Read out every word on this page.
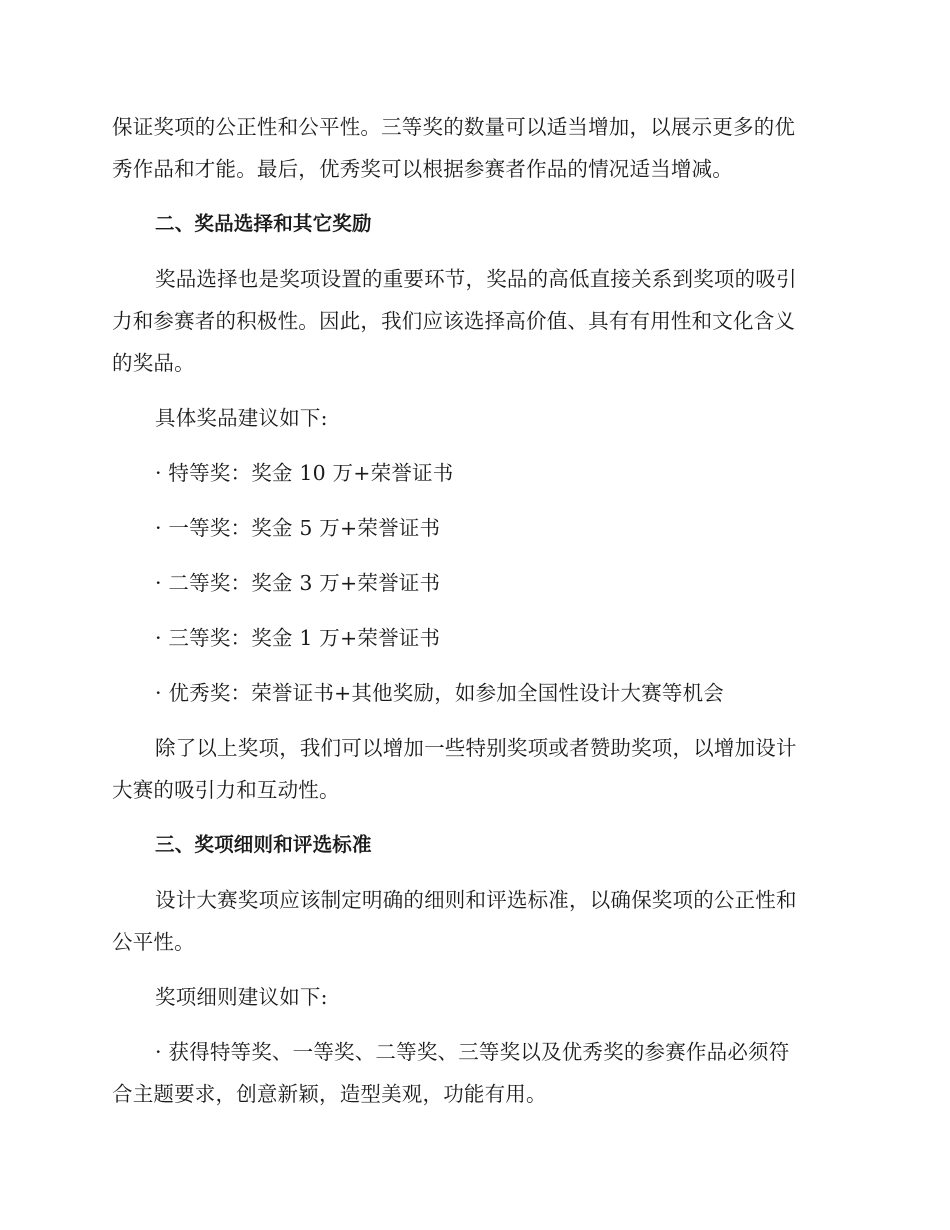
保证奖项的公正性和公平性。三等奖的数量可以适当增加，以展示更多的优
秀作品和才能。最后，优秀奖可以根据参赛者作品的情况适当增减。
二、奖品选择和其它奖励
奖品选择也是奖项设置的重要环节，奖品的高低直接关系到奖项的吸引
力和参赛者的积极性。因此，我们应该选择高价值、具有有用性和文化含义
的奖品。
具体奖品建议如下:
· 特等奖：奖金 10 万+荣誉证书
· 一等奖：奖金 5 万+荣誉证书
· 二等奖：奖金 3 万+荣誉证书
· 三等奖：奖金 1 万+荣誉证书
· 优秀奖：荣誉证书+其他奖励，如参加全国性设计大赛等机会
除了以上奖项，我们可以增加一些特别奖项或者赞助奖项，以增加设计
大赛的吸引力和互动性。
三、奖项细则和评选标准
设计大赛奖项应该制定明确的细则和评选标准，以确保奖项的公正性和
公平性。
奖项细则建议如下:
· 获得特等奖、一等奖、二等奖、三等奖以及优秀奖的参赛作品必须符
合主题要求，创意新颖，造型美观，功能有用。
